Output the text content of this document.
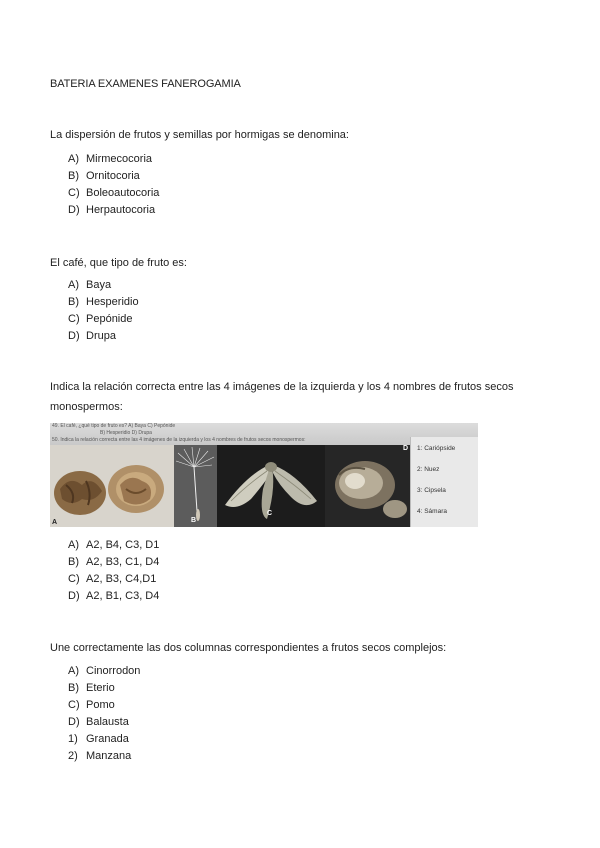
BATERIA EXAMENES FANEROGAMIA
La dispersión de frutos y semillas por hormigas se denomina:
A) Mirmecocoria
B) Ornitocoria
C) Boleoautocoria
D) Herpautocoria
El café, que tipo de fruto es:
A) Baya
B) Hesperidio
C) Pepónide
D) Drupa
Indica la relación correcta entre las 4 imágenes de la izquierda y los 4 nombres de frutos secos monospermos:
49. El café, ¿qué tipo de fruto es? A) Baya C) Pepónide
B) Hesperidio D) Drupa
50. Indica la relación correcta entre las 4 imágenes de la izquierda y los 4 nombres de frutos secos monospermos:
A	B
C
D 1: Cariópside
2: Nuez
3: Cipsela
4: Sámara
A) A2, B4, C3, D1
B) A2, B3, C1, D4
C) A2, B3, C4,D1
D) A2, B1, C3, D4
Une correctamente las dos columnas correspondientes a frutos secos complejos:
A) Cinorrodon
B) Eterio
C) Pomo
D) Balausta
1) Granada
2) Manzana
